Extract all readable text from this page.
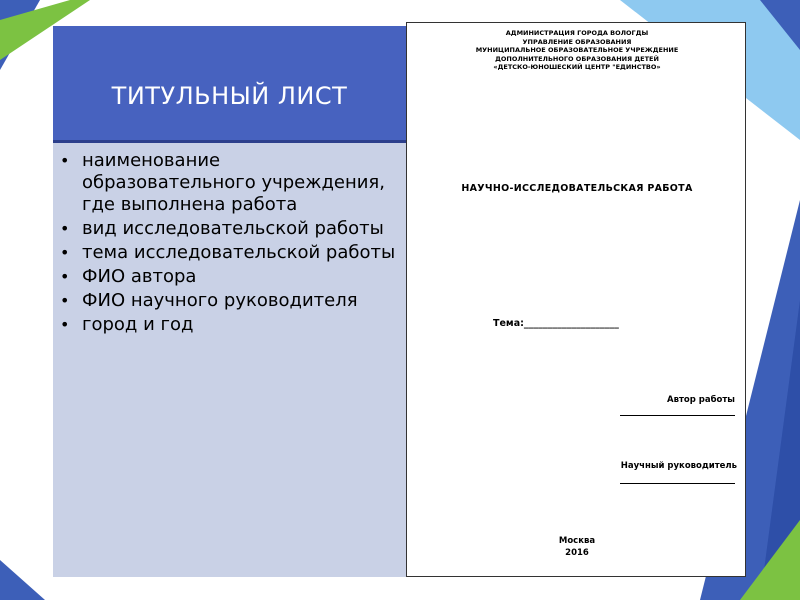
ТИТУЛЬНЫЙ ЛИСТ
• наименование образовательного учреждения, где выполнена работа
• вид исследовательской работы
• тема исследовательской работы
• ФИО автора
• ФИО научного руководителя
• город и год
АДМИНИСТРАЦИЯ ГОРОДА ВОЛОГДЫ
УПРАВЛЕНИЕ ОБРАЗОВАНИЯ
МУНИЦИПАЛЬНОЕ ОБРАЗОВАТЕЛЬНОЕ УЧРЕЖДЕНИЕ
ДОПОЛНИТЕЛЬНОГО ОБРАЗОВАНИЯ ДЕТЕЙ
«ДЕТСКО-ЮНОШЕСКИЙ ЦЕНТР "ЕДИНСТВО»
НАУЧНО-ИССЛЕДОВАТЕЛЬСКАЯ РАБОТА
Тема:____________________
Автор работы
Научный руководитель
Москва
2016
